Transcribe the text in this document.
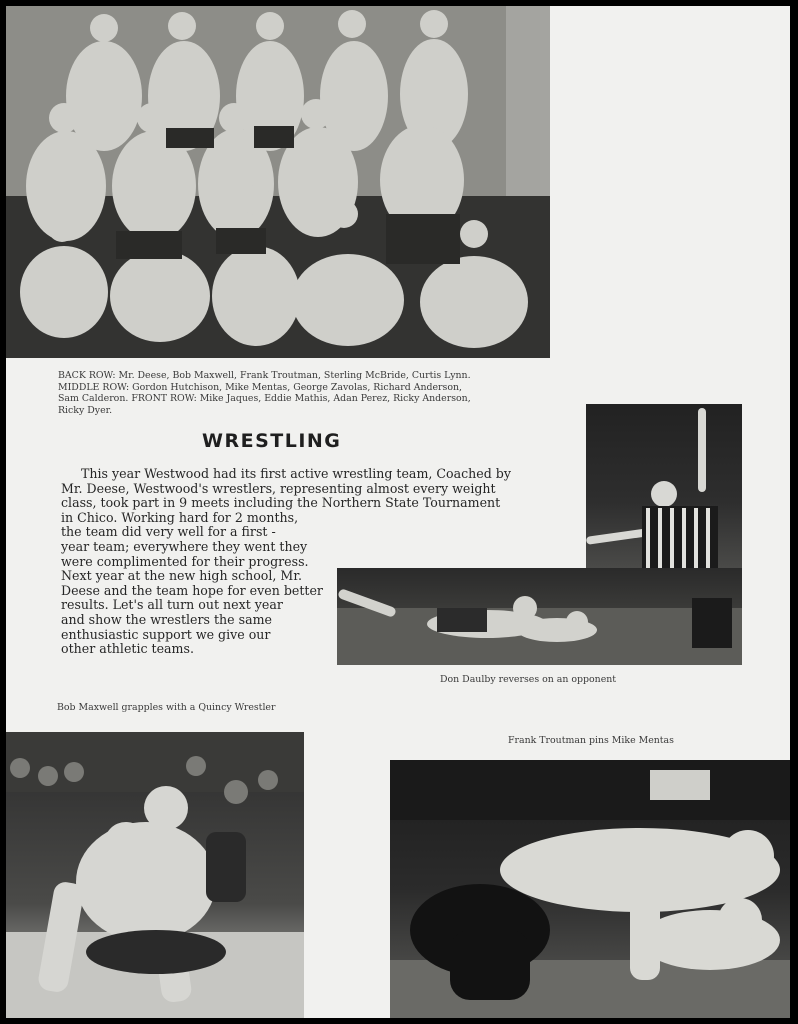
BACK ROW: Mr. Deese, Bob Maxwell, Frank Troutman, Sterling McBride, Curtis Lynn.
MIDDLE ROW: Gordon Hutchison, Mike Mentas, George Zavolas, Richard Anderson,
Sam Calderon. FRONT ROW: Mike Jaques, Eddie Mathis, Adan Perez, Ricky Anderson,
Ricky Dyer.
WRESTLING
This year Westwood had its first active wrestling team, Coached by
Mr. Deese, Westwood's wrestlers, representing almost every weight
class, took part in 9 meets including the Northern State Tournament
in Chico. Working hard for 2 months,
the team did very well for a first -
year team; everywhere they went they
were complimented for their progress.
Next year at the new high school, Mr.
Deese and the team hope for even better
results. Let's all turn out next year
and show the wrestlers the same
enthusiastic support we give our
other athletic teams.
Don Daulby reverses on an opponent
Bob Maxwell grapples with a Quincy Wrestler
Frank Troutman pins Mike Mentas
